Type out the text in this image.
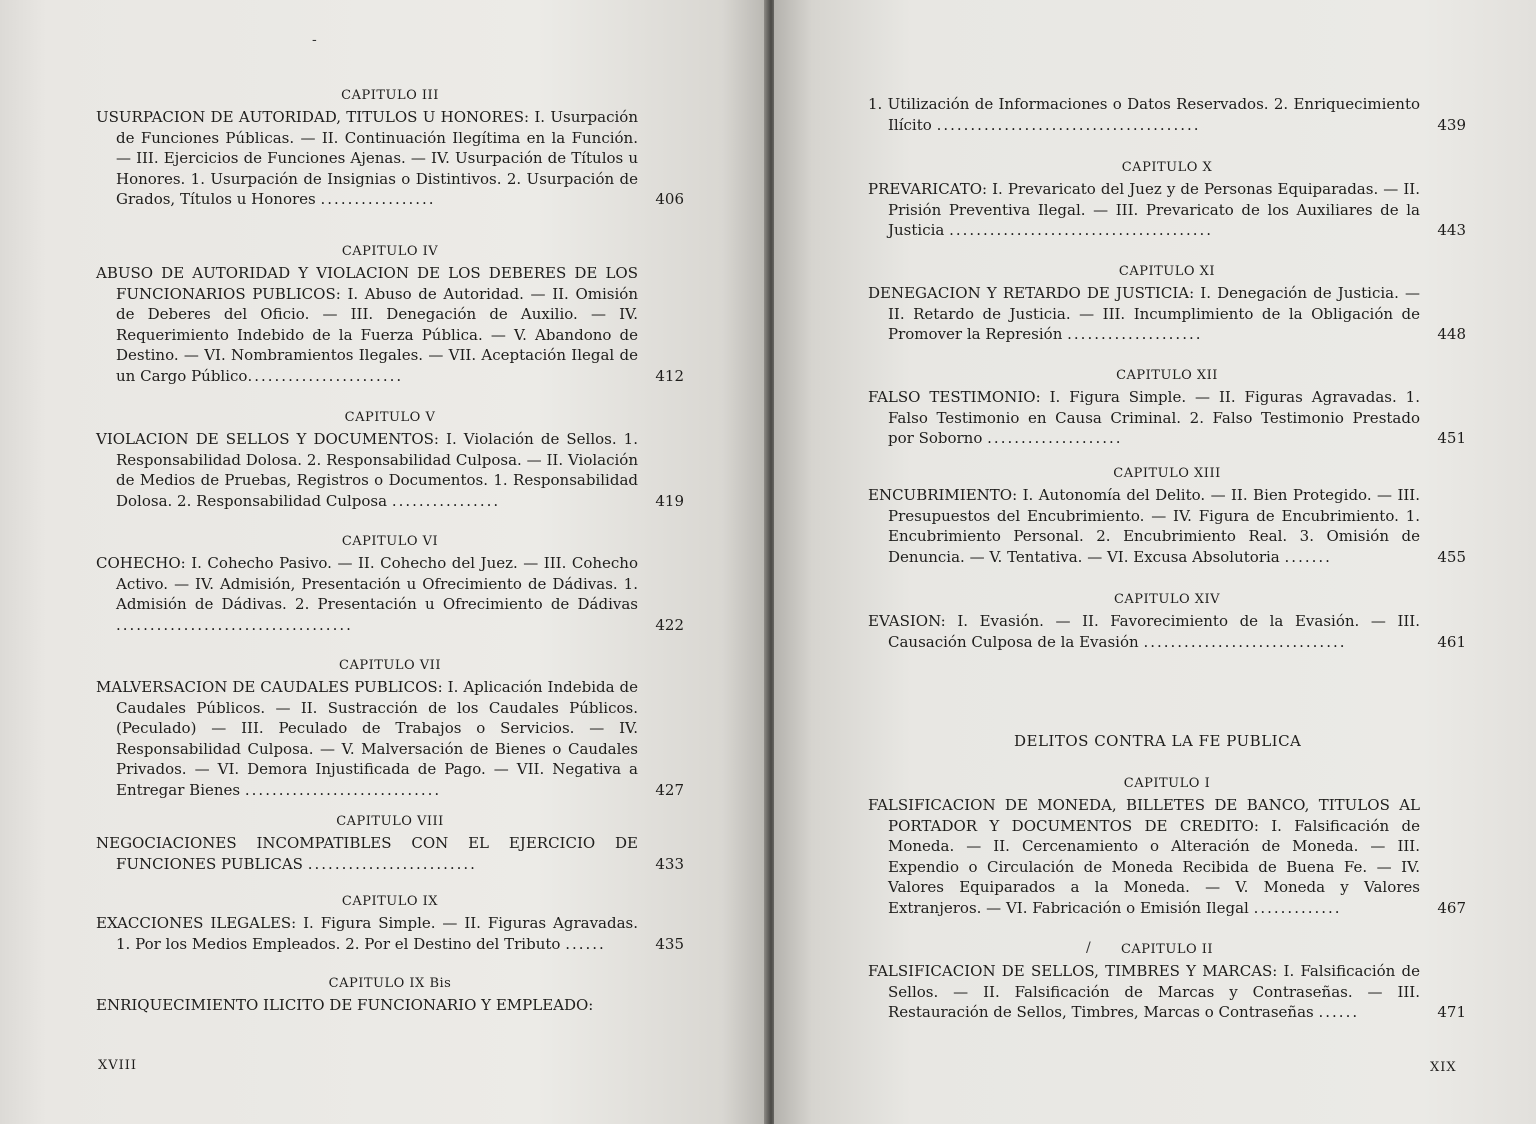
-
CAPITULO III
USURPACION DE AUTORIDAD, TITULOS U HONORES: I. Usurpación de Funciones Públicas. — II. Continuación Ilegítima en la Función. — III. Ejercicios de Funciones Ajenas. — IV. Usurpación de Títulos u Honores. 1. Usurpación de Insignias o Distintivos. 2. Usurpación de Grados, Títulos u Honores .................	406
CAPITULO IV
ABUSO DE AUTORIDAD Y VIOLACION DE LOS DEBERES DE LOS FUNCIONARIOS PUBLICOS: I. Abuso de Autoridad. — II. Omisión de Deberes del Oficio. — III. Denegación de Auxilio. — IV. Requerimiento Indebido de la Fuerza Pública. — V. Abandono de Destino. — VI. Nombramientos Ilegales. — VII. Aceptación Ilegal de un Cargo Público.......................	412
CAPITULO V
VIOLACION DE SELLOS Y DOCUMENTOS: I. Violación de Sellos. 1. Responsabilidad Dolosa. 2. Responsabilidad Culposa. — II. Violación de Medios de Pruebas, Registros o Documentos. 1. Responsabilidad Dolosa. 2. Responsabilidad Culposa ................	419
CAPITULO VI
COHECHO: I. Cohecho Pasivo. — II. Cohecho del Juez. — III. Cohecho Activo. — IV. Admisión, Presentación u Ofrecimiento de Dádivas. 1. Admisión de Dádivas. 2. Presentación u Ofrecimiento de Dádivas ...................................	422
CAPITULO VII
MALVERSACION DE CAUDALES PUBLICOS: I. Aplicación Indebida de Caudales Públicos. — II. Sustracción de los Caudales Públicos. (Peculado) — III. Peculado de Trabajos o Servicios. — IV. Responsabilidad Culposa. — V. Malversación de Bienes o Caudales Privados. — VI. Demora Injustificada de Pago. — VII. Negativa a Entregar Bienes .............................	427
CAPITULO VIII
NEGOCIACIONES INCOMPATIBLES CON EL EJERCICIO DE FUNCIONES PUBLICAS .........................	433
CAPITULO IX
EXACCIONES ILEGALES: I. Figura Simple. — II. Figuras Agravadas. 1. Por los Medios Empleados. 2. Por el Destino del Tributo ......	435
CAPITULO IX Bis
ENRIQUECIMIENTO ILICITO DE FUNCIONARIO Y EMPLEADO:
XVIII
1. Utilización de Informaciones o Datos Reservados. 2. Enriquecimiento Ilícito .......................................	439
CAPITULO X
PREVARICATO: I. Prevaricato del Juez y de Personas Equiparadas. — II. Prisión Preventiva Ilegal. — III. Prevaricato de los Auxiliares de la Justicia .......................................	443
CAPITULO XI
DENEGACION Y RETARDO DE JUSTICIA: I. Denegación de Justicia. — II. Retardo de Justicia. — III. Incumplimiento de la Obligación de Promover la Represión ....................	448
CAPITULO XII
FALSO TESTIMONIO: I. Figura Simple. — II. Figuras Agravadas. 1. Falso Testimonio en Causa Criminal. 2. Falso Testimonio Prestado por Soborno ....................	451
CAPITULO XIII
ENCUBRIMIENTO: I. Autonomía del Delito. — II. Bien Protegido. — III. Presupuestos del Encubrimiento. — IV. Figura de Encubrimiento. 1. Encubrimiento Personal. 2. Encubrimiento Real. 3. Omisión de Denuncia. — V. Tentativa. — VI. Excusa Absolutoria .......	455
CAPITULO XIV
EVASION: I. Evasión. — II. Favorecimiento de la Evasión. — III. Causación Culposa de la Evasión ..............................	461
DELITOS CONTRA LA FE PUBLICA
CAPITULO I
FALSIFICACION DE MONEDA, BILLETES DE BANCO, TITULOS AL PORTADOR Y DOCUMENTOS DE CREDITO: I. Falsificación de Moneda. — II. Cercenamiento o Alteración de Moneda. — III. Expendio o Circulación de Moneda Recibida de Buena Fe. — IV. Valores Equiparados a la Moneda. — V. Moneda y Valores Extranjeros. — VI. Fabricación o Emisión Ilegal .............	467
/	CAPITULO II
FALSIFICACION DE SELLOS, TIMBRES Y MARCAS: I. Falsificación de Sellos. — II. Falsificación de Marcas y Contraseñas. — III. Restauración de Sellos, Timbres, Marcas o Contraseñas ......	471
XIX
